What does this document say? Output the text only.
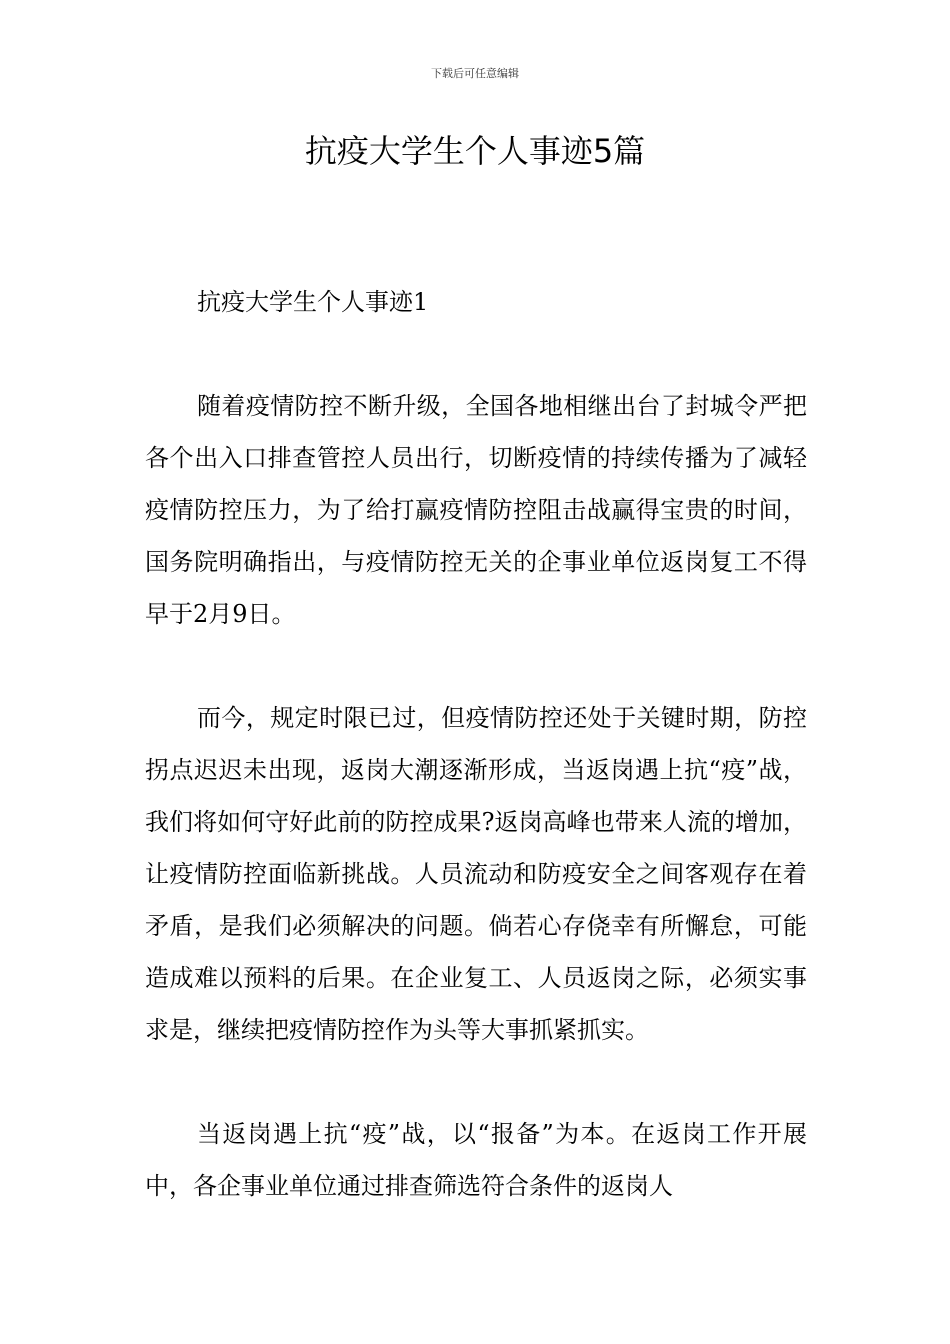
下载后可任意编辑
抗疫大学生个人事迹5篇

抗疫大学生个人事迹1

随着疫情防控不断升级，全国各地相继出台了封城令严把各个出入口排查管控人员出行，切断疫情的持续传播为了减轻疫情防控压力，为了给打赢疫情防控阻击战赢得宝贵的时间，国务院明确指出，与疫情防控无关的企事业单位返岗复工不得早于2月9日。

而今，规定时限已过，但疫情防控还处于关键时期，防控拐点迟迟未出现，返岗大潮逐渐形成，当返岗遇上抗“疫”战，我们将如何守好此前的防控成果?返岗高峰也带来人流的增加，让疫情防控面临新挑战。人员流动和防疫安全之间客观存在着矛盾，是我们必须解决的问题。倘若心存侥幸有所懈怠，可能造成难以预料的后果。在企业复工、人员返岗之际，必须实事求是，继续把疫情防控作为头等大事抓紧抓实。

当返岗遇上抗“疫”战，以“报备”为本。在返岗工作开展中，各企事业单位通过排查筛选符合条件的返岗人
